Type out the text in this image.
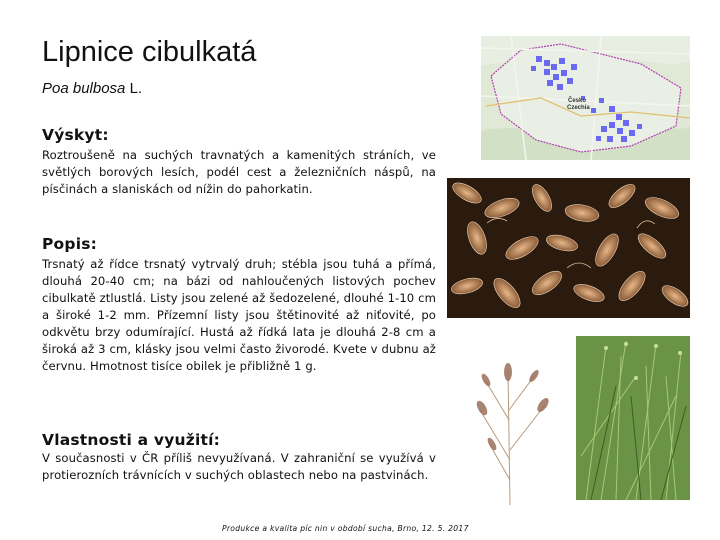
Lipnice cibulkatá
Poa bulbosa L.
Výskyt:

Roztroušeně na suchých travnatých a kamenitých stráních, ve světlých borových lesích, podél cest a železničních náspů, na písčinách a slaniskách od nížin do pahorkatin.

Popis:

Trsnatý až řídce trsnatý vytrvalý druh; stébla jsou tuhá a přímá, dlouhá 20-40 cm; na bázi od nahloučených listových pochev cibulkatě ztlustlá. Listy jsou zelené až šedozelené, dlouhé 1-10 cm a široké 1-2 mm. Přízemní listy jsou štětinovité až niťovité, po odkvětu brzy odumírající. Hustá až řídká lata je dlouhá 2-8 cm a široká až 3 cm, klásky jsou velmi často živorodé. Kvete v dubnu až červnu. Hmotnost tisíce obilek je přibližně 1 g.

Vlastnosti a využití:

V současnosti v ČR příliš nevyužívaná. V zahraniční se využívá v protierozních trávnících v suchých oblastech nebo na pastvinách.

Česko
Czechia
Produkce a kvalita píc nin v období sucha, Brno, 12. 5. 2017
